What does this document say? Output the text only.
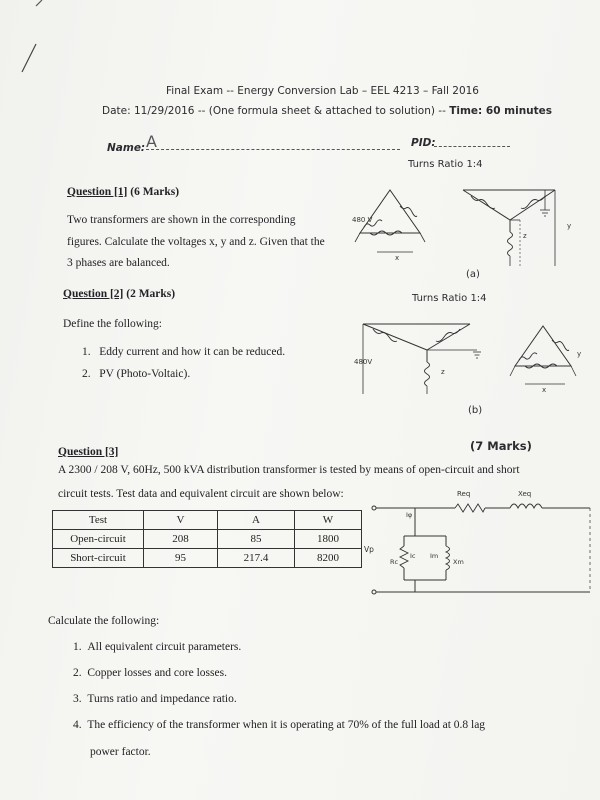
Final Exam -- Energy Conversion Lab – EEL 4213 – Fall 2016
Date: 11/29/2016 -- (One formula sheet & attached to solution) -- Time: 60 minutes
Name: A	PID:
Turns Ratio 1:4
480 V
x
z
y
(a)
Question [1] (6 Marks)
Two transformers are shown in the corresponding
figures. Calculate the voltages x, y and z. Given that the
3 phases are balanced.
Question [2] (2 Marks)
Define the following:
1.   Eddy current and how it can be reduced.
2.   PV (Photo-Voltaic).
Turns Ratio 1:4
480V
z
y
x
(b)
Question [3]	(7 Marks)
A 2300 / 208 V, 60Hz, 500 kVA distribution transformer is tested by means of open-circuit and short
circuit tests. Test data and equivalent circuit are shown below:
Test	V	A	W
Open-circuit	208	85	1800
Short-circuit	95	217.4	8200
Req	Xeq
Iφ
Ic
Rc
Im
Xm
Vp
Calculate the following:
1.  All equivalent circuit parameters.
2.  Copper losses and core losses.
3.  Turns ratio and impedance ratio.
4.  The efficiency of the transformer when it is operating at 70% of the full load at 0.8 lag
power factor.
